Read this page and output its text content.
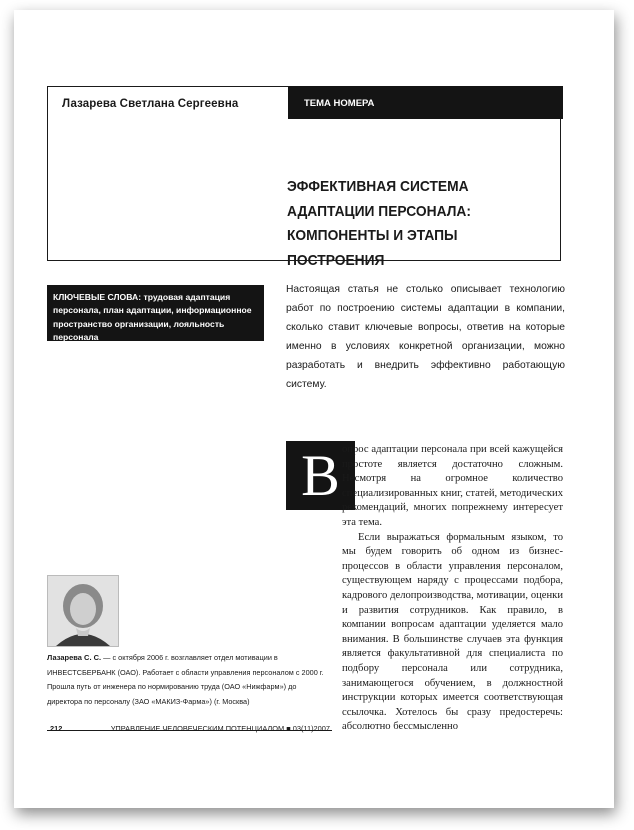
Лазарева Светлана Сергеевна	ТЕМА НОМЕРА
ЭФФЕКТИВНАЯ СИСТЕМА АДАПТАЦИИ ПЕРСОНАЛА: КОМПОНЕНТЫ И ЭТАПЫ ПОСТРОЕНИЯ
КЛЮЧЕВЫЕ СЛОВА: трудовая адаптация персонала, план адаптации, информационное пространство организации, лояльность персонала
Настоящая статья не столько описывает технологию работ по построению системы адаптации в компании, сколько ставит ключевые вопросы, ответив на которые именно в условиях конкретной организации, можно разработать и внедрить эффективно работающую систему.
В опрос адаптации персонала при всей кажущейся простоте является достаточно сложным. Несмотря на огромное количество специализированных книг, статей, методических рекомендаций, многих попрежнему интересует эта тема.

Если выражаться формальным языком, то мы будем говорить об одном из бизнес-процессов в области управления персоналом, существующем наряду с процессами подбора, кадрового делопроизводства, мотивации, оценки и развития сотрудников. Как правило, в компании вопросам адаптации уделяется мало внимания. В большинстве случаев эта функция является факультативной для специалиста по подбору персонала или сотрудника, занимающегося обучением, в должностной инструкции которых имеется соответствующая ссылочка. Хотелось бы сразу предостеречь: абсолютно бессмысленно

Лазарева С. С. — с октября 2006 г. возглавляет отдел мотивации в ИНВЕСТСБЕРБАНК (ОАО). Работает с области управления персоналом с 2000 г. Прошла путь от инженера по нормированию труда (ОАО «Нижфарм») до директора по персоналу (ЗАО «МАКИЗ-Фарма») (г. Москва)
212	УПРАВЛЕНИЕ ЧЕЛОВЕЧЕСКИМ ПОТЕНЦИАЛОМ ■ 03(11)2007
